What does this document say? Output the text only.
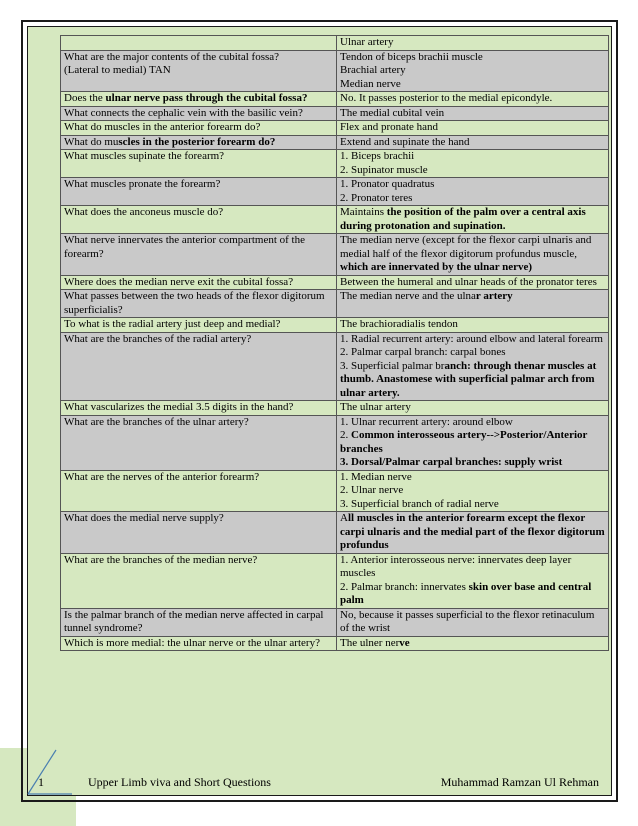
	Ulnar artery

What are the major contents of the cubital fossa?
(Lateral to medial) TAN	Tendon of biceps brachii muscle
Brachial artery
Median nerve

Does the ulnar nerve pass through the cubital fossa?	No. It passes posterior to the medial epicondyle.

What connects the cephalic vein with the basilic vein?	The medial cubital vein

What do muscles in the anterior forearm do?	Flex and pronate hand

What do muscles in the posterior forearm do?	Extend and supinate the hand

What muscles supinate the forearm?	1. Biceps brachii
2. Supinator muscle

What muscles pronate the forearm?	1. Pronator quadratus
2. Pronator teres

What does the anconeus muscle do?	Maintains the position of the palm over a central axis during protonation and supination.

What nerve innervates the anterior compartment of the forearm?	The median nerve (except for the flexor carpi ulnaris and medial half of the flexor digitorum profundus muscle, which are innervated by the ulnar nerve)

Where does the median nerve exit the cubital fossa?	Between the humeral and ulnar heads of the pronator teres

What passes between the two heads of the flexor digitorum superficialis?	The median nerve and the ulnar artery

To what is the radial artery just deep and medial?	The brachioradialis tendon

What are the branches of the radial artery?	1. Radial recurrent artery: around elbow and lateral forearm
2. Palmar carpal branch: carpal bones
3. Superficial palmar branch: through thenar muscles at thumb. Anastomese with superficial palmar arch from ulnar artery.

What vascularizes the medial 3.5 digits in the hand?	The ulnar artery

What are the branches of the ulnar artery?	1. Ulnar recurrent artery: around elbow
2. Common interosseous artery-->Posterior/Anterior branches
3. Dorsal/Palmar carpal branches: supply wrist

What are the nerves of the anterior forearm?	1. Median nerve
2. Ulnar nerve
3. Superficial branch of radial nerve

What does the medial nerve supply?	All muscles in the anterior forearm except the flexor carpi ulnaris and the medial part of the flexor digitorum profundus

What are the branches of the median nerve?	1. Anterior interosseous nerve: innervates deep layer muscles
2. Palmar branch: innervates skin over base and central palm

Is the palmar branch of the median nerve affected in carpal tunnel syndrome?	No, because it passes superficial to the flexor retinaculum of the wrist

Which is more medial: the ulnar nerve or the ulnar artery?	The ulner nerve
1	Upper Limb viva and Short Questions	Muhammad Ramzan Ul Rehman
